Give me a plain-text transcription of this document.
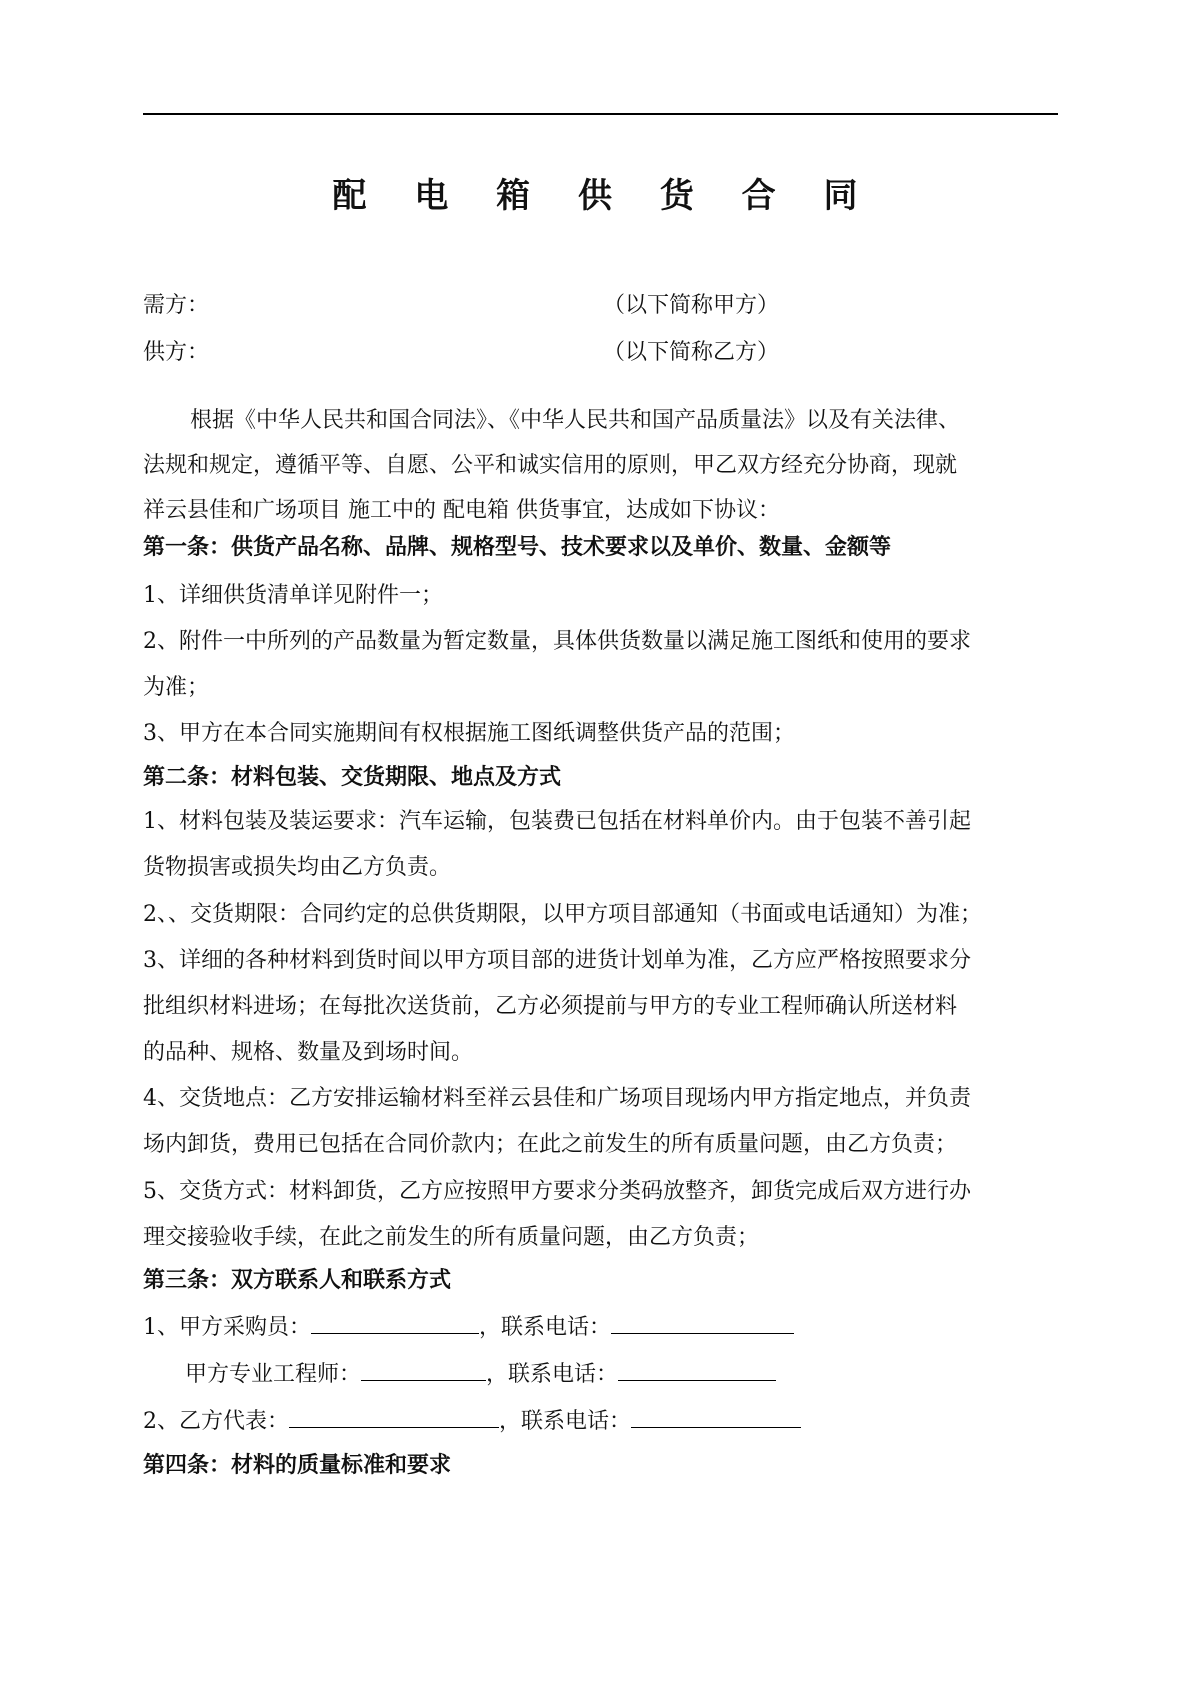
配 电 箱 供 货 合 同
需方：	（以下简称甲方）
供方：	（以下简称乙方）
根据《中华人民共和国合同法》、《中华人民共和国产品质量法》以及有关法律、
法规和规定，遵循平等、自愿、公平和诚实信用的原则，甲乙双方经充分协商，现就
祥云县佳和广场项目 施工中的 配电箱 供货事宜，达成如下协议：
第一条：供货产品名称、品牌、规格型号、技术要求以及单价、数量、金额等
1、详细供货清单详见附件一；
2、附件一中所列的产品数量为暂定数量，具体供货数量以满足施工图纸和使用的要求
为准；
3、甲方在本合同实施期间有权根据施工图纸调整供货产品的范围；
第二条：材料包装、交货期限、地点及方式
1、材料包装及装运要求：汽车运输，包装费已包括在材料单价内。由于包装不善引起
货物损害或损失均由乙方负责。
2、、交货期限：合同约定的总供货期限，以甲方项目部通知（书面或电话通知）为准；
3、详细的各种材料到货时间以甲方项目部的进货计划单为准，乙方应严格按照要求分
批组织材料进场；在每批次送货前，乙方必须提前与甲方的专业工程师确认所送材料
的品种、规格、数量及到场时间。
4、交货地点：乙方安排运输材料至祥云县佳和广场项目现场内甲方指定地点，并负责
场内卸货，费用已包括在合同价款内；在此之前发生的所有质量问题，由乙方负责；
5、交货方式：材料卸货，乙方应按照甲方要求分类码放整齐，卸货完成后双方进行办
理交接验收手续，在此之前发生的所有质量问题，由乙方负责；
第三条：双方联系人和联系方式
1、甲方采购员：	，联系电话：
甲方专业工程师：	，联系电话：
2、乙方代表：	，联系电话：
第四条：材料的质量标准和要求
